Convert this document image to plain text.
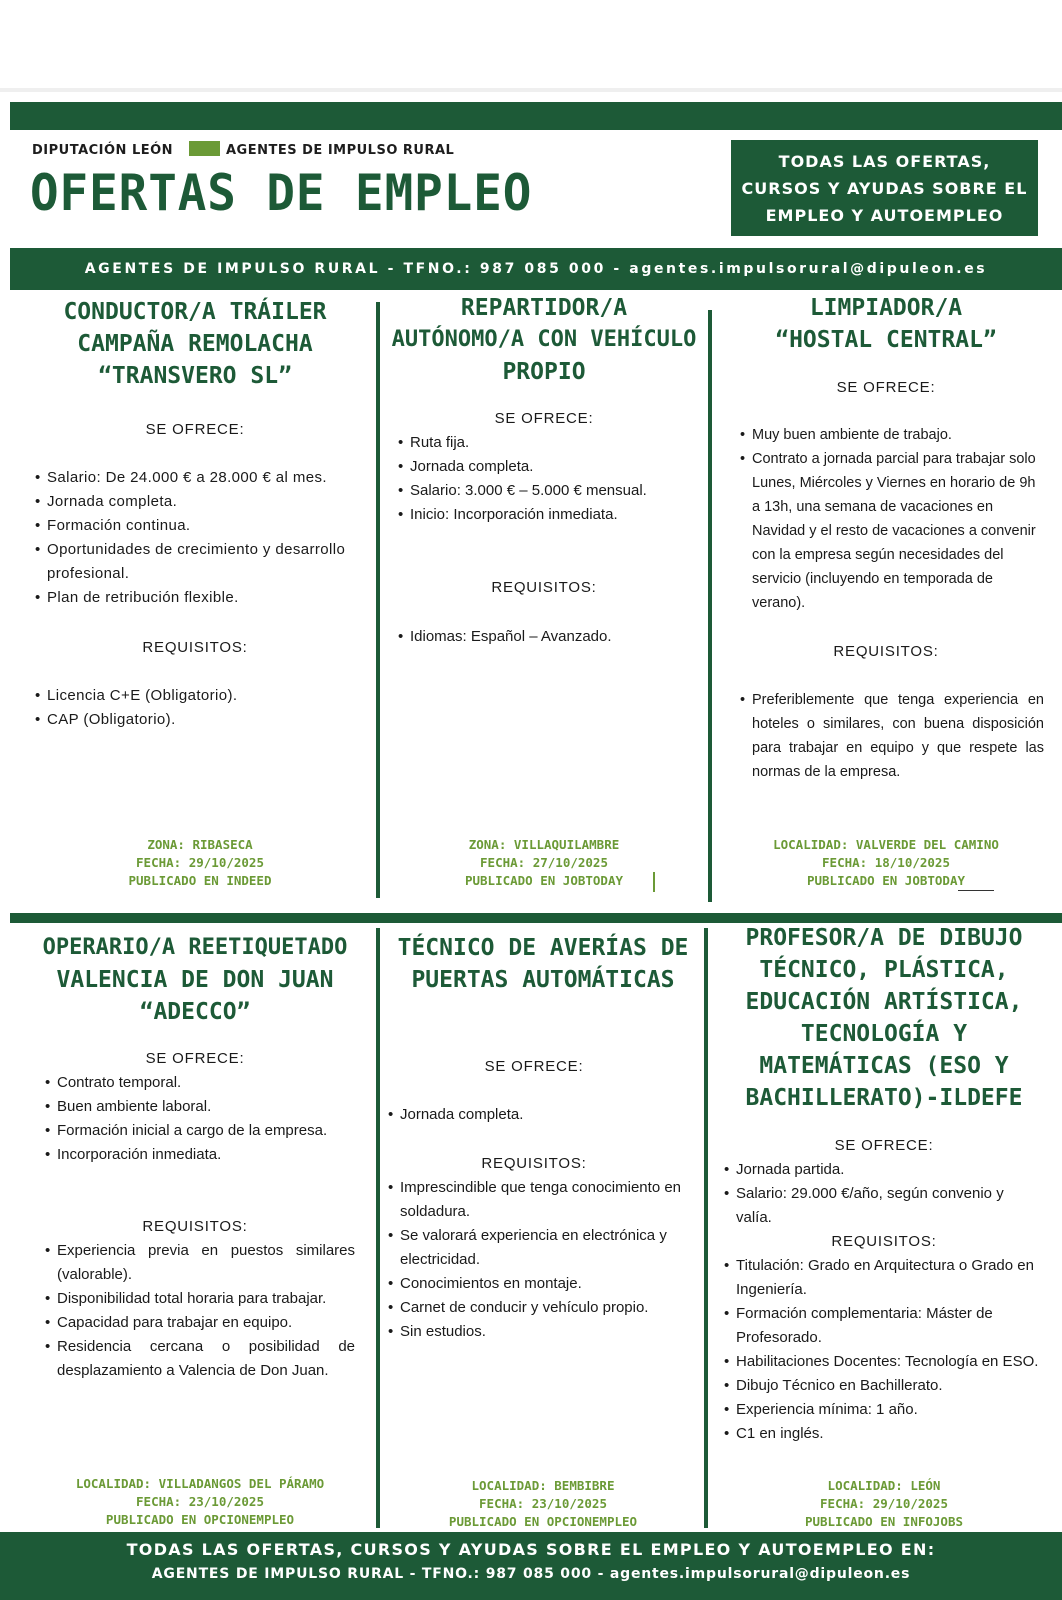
DIPUTACIÓN LEÓN	AGENTES DE IMPULSO RURAL
OFERTAS DE EMPLEO
TODAS LAS OFERTAS, CURSOS Y AYUDAS SOBRE EL EMPLEO Y AUTOEMPLEO
AGENTES DE IMPULSO RURAL - TFNO.: 987 085 000 - agentes.impulsorural@dipuleon.es
CONDUCTOR/A TRÁILER
CAMPAÑA REMOLACHA
“TRANSVERO SL”
SE OFRECE:
• Salario: De 24.000 € a 28.000 € al mes.
• Jornada completa.
• Formación continua.
• Oportunidades de crecimiento y desarrollo profesional.
• Plan de retribución flexible.
REQUISITOS:
• Licencia C+E (Obligatorio).
• CAP (Obligatorio).
ZONA: RIBASECA
FECHA: 29/10/2025
PUBLICADO EN INDEED
REPARTIDOR/A
AUTÓNOMO/A CON VEHÍCULO
PROPIO
SE OFRECE:
• Ruta fija.
• Jornada completa.
• Salario: 3.000 € – 5.000 € mensual.
• Inicio: Incorporación inmediata.
REQUISITOS:
• Idiomas: Español – Avanzado.
ZONA: VILLAQUILAMBRE
FECHA: 27/10/2025
PUBLICADO EN JOBTODAY
LIMPIADOR/A
“HOSTAL CENTRAL”
SE OFRECE:
• Muy buen ambiente de trabajo.
• Contrato a jornada parcial para trabajar solo Lunes, Miércoles y Viernes en horario de 9h a 13h, una semana de vacaciones en Navidad y el resto de vacaciones a convenir con la empresa según necesidades del servicio (incluyendo en temporada de verano).
REQUISITOS:
• Preferiblemente que tenga experiencia en hoteles o similares, con buena disposición para trabajar en equipo y que respete las normas de la empresa.
LOCALIDAD: VALVERDE DEL CAMINO
FECHA: 18/10/2025
PUBLICADO EN JOBTODAY
OPERARIO/A REETIQUETADO
VALENCIA DE DON JUAN
“ADECCO”
SE OFRECE:
• Contrato temporal.
• Buen ambiente laboral.
• Formación inicial a cargo de la empresa.
• Incorporación inmediata.
REQUISITOS:
• Experiencia previa en puestos similares (valorable).
• Disponibilidad total horaria para trabajar.
• Capacidad para trabajar en equipo.
• Residencia cercana o posibilidad de desplazamiento a Valencia de Don Juan.
LOCALIDAD: VILLADANGOS DEL PÁRAMO
FECHA: 23/10/2025
PUBLICADO EN OPCIONEMPLEO
TÉCNICO DE AVERÍAS DE
PUERTAS AUTOMÁTICAS
SE OFRECE:
• Jornada completa.
REQUISITOS:
• Imprescindible que tenga conocimiento en soldadura.
• Se valorará experiencia en electrónica y electricidad.
• Conocimientos en montaje.
• Carnet de conducir y vehículo propio.
• Sin estudios.
LOCALIDAD: BEMBIBRE
FECHA: 23/10/2025
PUBLICADO EN OPCIONEMPLEO
PROFESOR/A DE DIBUJO
TÉCNICO, PLÁSTICA,
EDUCACIÓN ARTÍSTICA,
TECNOLOGÍA Y
MATEMÁTICAS (ESO Y
BACHILLERATO)-ILDEFE
SE OFRECE:
• Jornada partida.
• Salario: 29.000 €/año, según convenio y valía.
REQUISITOS:
• Titulación: Grado en Arquitectura o Grado en Ingeniería.
• Formación complementaria: Máster de Profesorado.
• Habilitaciones Docentes: Tecnología en ESO.
• Dibujo Técnico en Bachillerato.
• Experiencia mínima: 1 año.
• C1 en inglés.
LOCALIDAD: LEÓN
FECHA: 29/10/2025
PUBLICADO EN INFOJOBS
TODAS LAS OFERTAS, CURSOS Y AYUDAS SOBRE EL EMPLEO Y AUTOEMPLEO EN:
AGENTES DE IMPULSO RURAL - TFNO.: 987 085 000 - agentes.impulsorural@dipuleon.es
